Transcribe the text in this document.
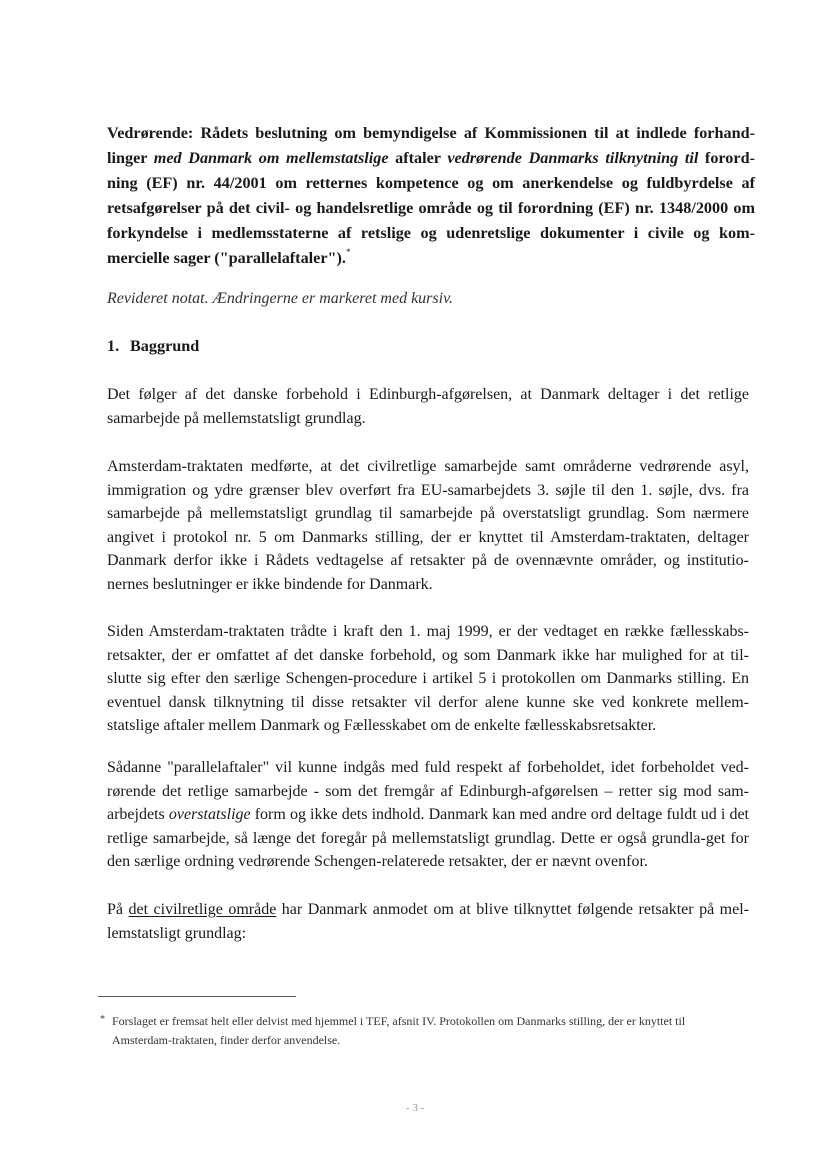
Vedrørende: Rådets beslutning om bemyndigelse af Kommissionen til at indlede forhand-linger med Danmark om mellemstatslige aftaler vedrørende Danmarks tilknytning til forord-ning (EF) nr. 44/2001 om retternes kompetence og om anerkendelse og fuldbyrdelse af retsafgørelser på det civil- og handelsretlige område og til forordning (EF) nr. 1348/2000 om forkyndelse i medlemsstaterne af retslige og udenretslige dokumenter i civile og kom-mercielle sager ("parallelaftaler").*

Revideret notat. Ændringerne er markeret med kursiv.

1. Baggrund

Det følger af det danske forbehold i Edinburgh-afgørelsen, at Danmark deltager i det retlige samarbejde på mellemstatsligt grundlag.

Amsterdam-traktaten medførte, at det civilretlige samarbejde samt områderne vedrørende asyl, immigration og ydre grænser blev overført fra EU-samarbejdets 3. søjle til den 1. søjle, dvs. fra samarbejde på mellemstatsligt grundlag til samarbejde på overstatsligt grundlag. Som nærmere angivet i protokol nr. 5 om Danmarks stilling, der er knyttet til Amsterdam-traktaten, deltager Danmark derfor ikke i Rådets vedtagelse af retsakter på de ovennævnte områder, og institutio-nernes beslutninger er ikke bindende for Danmark.

Siden Amsterdam-traktaten trådte i kraft den 1. maj 1999, er der vedtaget en række fællesskabs-retsakter, der er omfattet af det danske forbehold, og som Danmark ikke har mulighed for at til-slutte sig efter den særlige Schengen-procedure i artikel 5 i protokollen om Danmarks stilling. En eventuel dansk tilknytning til disse retsakter vil derfor alene kunne ske ved konkrete mellem-statslige aftaler mellem Danmark og Fællesskabet om de enkelte fællesskabsretsakter.

Sådanne "parallelaftaler" vil kunne indgås med fuld respekt af forbeholdet, idet forbeholdet ved-rørende det retlige samarbejde - som det fremgår af Edinburgh-afgørelsen – retter sig mod sam-arbejdets overstatslige form og ikke dets indhold. Danmark kan med andre ord deltage fuldt ud i det retlige samarbejde, så længe det foregår på mellemstatsligt grundlag. Dette er også grundla-get for den særlige ordning vedrørende Schengen-relaterede retsakter, der er nævnt ovenfor.

På det civilretlige område har Danmark anmodet om at blive tilknyttet følgende retsakter på mel-lemstatsligt grundlag:

* Forslaget er fremsat helt eller delvist med hjemmel i TEF, afsnit IV. Protokollen om Danmarks stilling, der er knyttet til Amsterdam-traktaten, finder derfor anvendelse.

- 3 -
